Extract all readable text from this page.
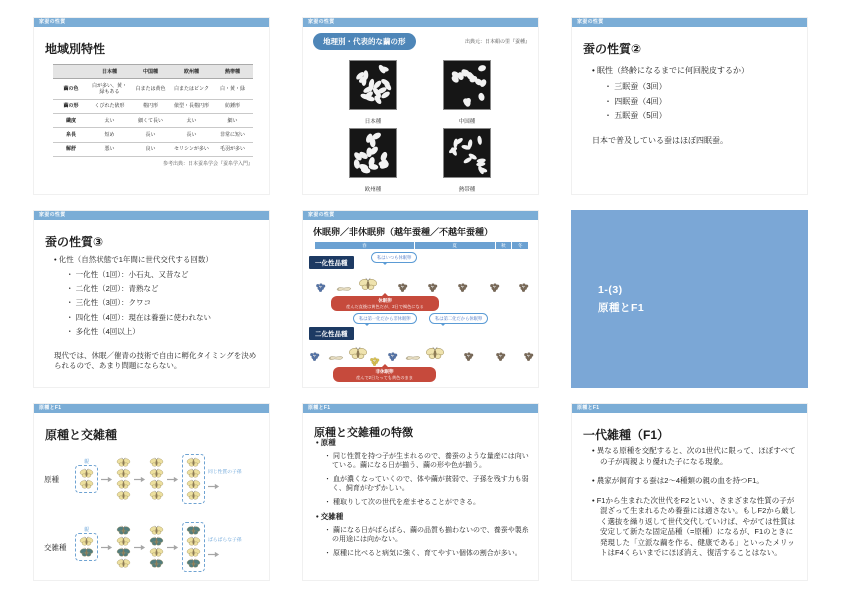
家蚕の性質
地域別特性
	日本種	中国種	欧州種	熱帯種
繭の色	白が多い、黄・緑もある	白または黄色	白またはピンク	白・黄・緑
繭の形	くびれた俵形	楕円形	俵型・長楕円形	紡錘形
繊度	太い	細くて長い	太い	細い
糸長	短め	長い	長い	非常に短い
解舒	悪い	良い	セリシンが多い	毛羽が多い
参考出典：日本蚕糸学会『蚕糸学入門』
家蚕の性質
地理別・代表的な繭の形	出典元：日本絹の里『蚕種』
日本種	中国種
欧州種	熱帯種
家蚕の性質
蚕の性質②
• 眠性（終齢になるまでに何回脱皮するか）
・ 三眠蚕（3回）
・ 四眠蚕（4回）
・ 五眠蚕（5回）
日本で普及している蚕はほぼ四眠蚕。
家蚕の性質
蚕の性質③
• 化性（自然状態で1年間に世代交代する回数）
・ 一化性（1回）：小石丸、又昔など
・ 二化性（2回）：青熟など
・ 三化性（3回）：クワコ
・ 四化性（4回）：現在は養蚕に使われない
・ 多化性（4回以上）
現代では、休眠／催青の技術で自由に孵化タイミングを決められるので、あまり問題にならない。
家蚕の性質
休眠卵／非休眠卵（越年蚕種／不越年蚕種）
春	夏	秋	冬
一化性品種
私はいつも休眠卵
休眠卵
産んだ直後は黄色だが、2日で褐色になる
私は第一化だから非休眠卵	私は第二化だから休眠卵
二化性品種
非休眠卵
産んで2日たっても黄色のまま
1-(3)
原種とF1
原種とF1
原種と交雑種
原種
親
同じ性質の子孫
交雑種
親
ばらばらな子孫
原種とF1
原種と交雑種の特徴
• 原種
・ 同じ性質を持つ子が生まれるので、養蚕のような量産には向いている。繭になる日が揃う、繭の形や色が揃う。
・ 血が濃くなっていくので、体や繭が貧弱で、子孫を残す力も弱く、飼育がむずかしい。
・ 種取りして次の世代を産ませることができる。
• 交雑種
・ 繭になる日がばらばら、繭の品質も揃わないので、養蚕や製糸の用途には向かない。
・ 原種に比べると病気に強く、育てやすい個体の割合が多い。
原種とF1
一代雑種（F1）
• 異なる原種を交配すると、次の1世代に限って、ほぼすべての子が両親より優れた子になる現象。
• 農家が飼育する蚕は2〜4種類の親の血を持つF1。
• F1から生まれた次世代をF2といい、さまざまな性質の子が混ざって生まれるため養蚕には適さない。もしF2から厳しく選抜を繰り返して世代交代していけば、やがては性質は安定して新たな固定品種（=原種）になるが、F1のときに発現した「立派な繭を作る、健康である」といったメリットはF4くらいまでにほぼ消え、復活することはない。
